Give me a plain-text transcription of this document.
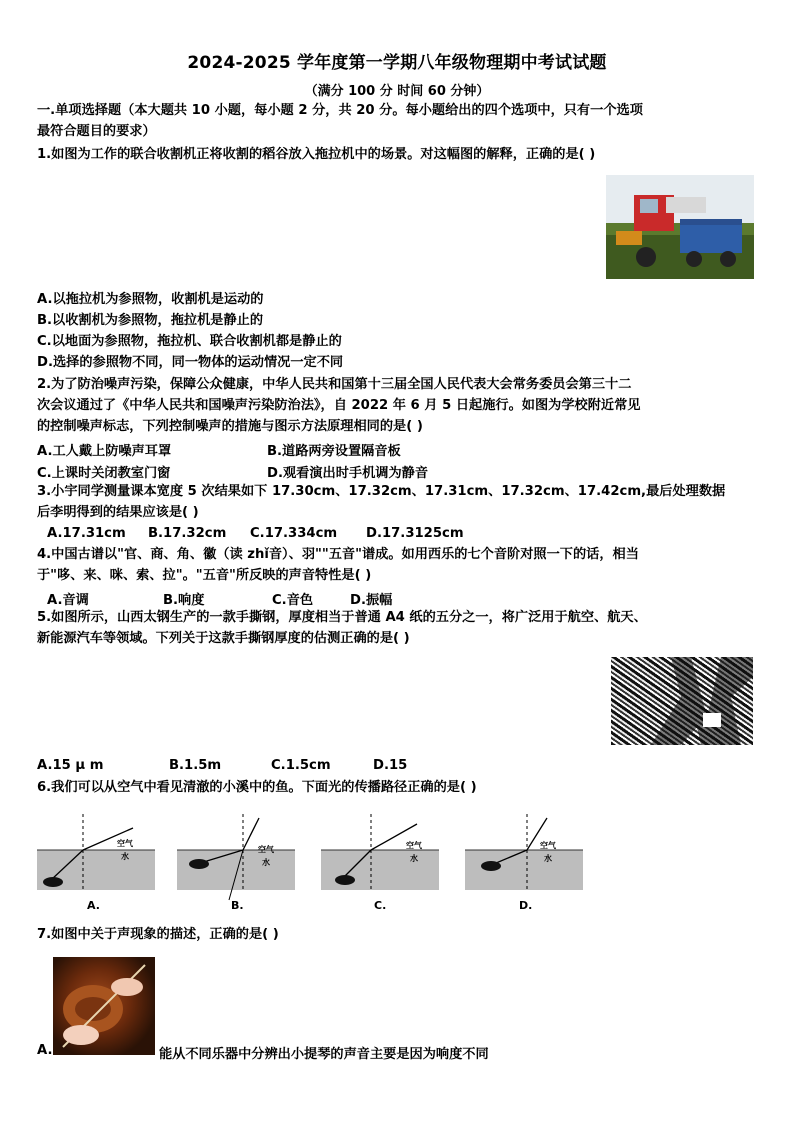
2024-2025 学年度第一学期八年级物理期中考试试题
（满分 100 分 时间 60 分钟）
一.单项选择题（本大题共 10 小题，每小题 2 分，共 20 分。每小题给出的四个选项中，只有一个选项
最符合题目的要求）
1.如图为工作的联合收割机正将收割的稻谷放入拖拉机中的场景。对这幅图的解释，正确的是( )
A.以拖拉机为参照物，收割机是运动的
B.以收割机为参照物，拖拉机是静止的
C.以地面为参照物，拖拉机、联合收割机都是静止的
D.选择的参照物不同，同一物体的运动情况一定不同
2.为了防治噪声污染，保障公众健康，中华人民共和国第十三届全国人民代表大会常务委员会第三十二
次会议通过了《中华人民共和国噪声污染防治法》，自 2022 年 6 月 5 日起施行。如图为学校附近常见
的控制噪声标志，下列控制噪声的措施与图示方法原理相同的是( )
A.工人戴上防噪声耳罩	B.道路两旁设置隔音板
C.上课时关闭教室门窗	D.观看演出时手机调为静音
3.小宇同学测量课本宽度 5 次结果如下 17.30cm、17.32cm、17.31cm、17.32cm、17.42cm,最后处理数据
后李明得到的结果应该是( )
A.17.31cm B.17.32cm C.17.334cm D.17.3125cm
4.中国古谱以"官、商、角、徽（读 zhǐ音）、羽""五音"谱成。如用西乐的七个音阶对照一下的话，相当
于"哆、来、咪、索、拉"。"五音"所反映的声音特性是( )
A.音调	B.响度	C.音色	D.振幅
5.如图所示，山西太钢生产的一款手撕钢，厚度相当于普通 A4 纸的五分之一，将广泛用于航空、航天、
新能源汽车等领域。下列关于这款手撕钢厚度的估测正确的是( )
A.15 μ m	B.1.5m	C.1.5cm	D.15
6.我们可以从空气中看见清澈的小溪中的鱼。下面光的传播路径正确的是( )
A.
空气
水
B.
空气
水
C.
空气
水
D.
空气
水
7.如图中关于声现象的描述，正确的是( )
A.	能从不同乐器中分辨出小提琴的声音主要是因为响度不同
